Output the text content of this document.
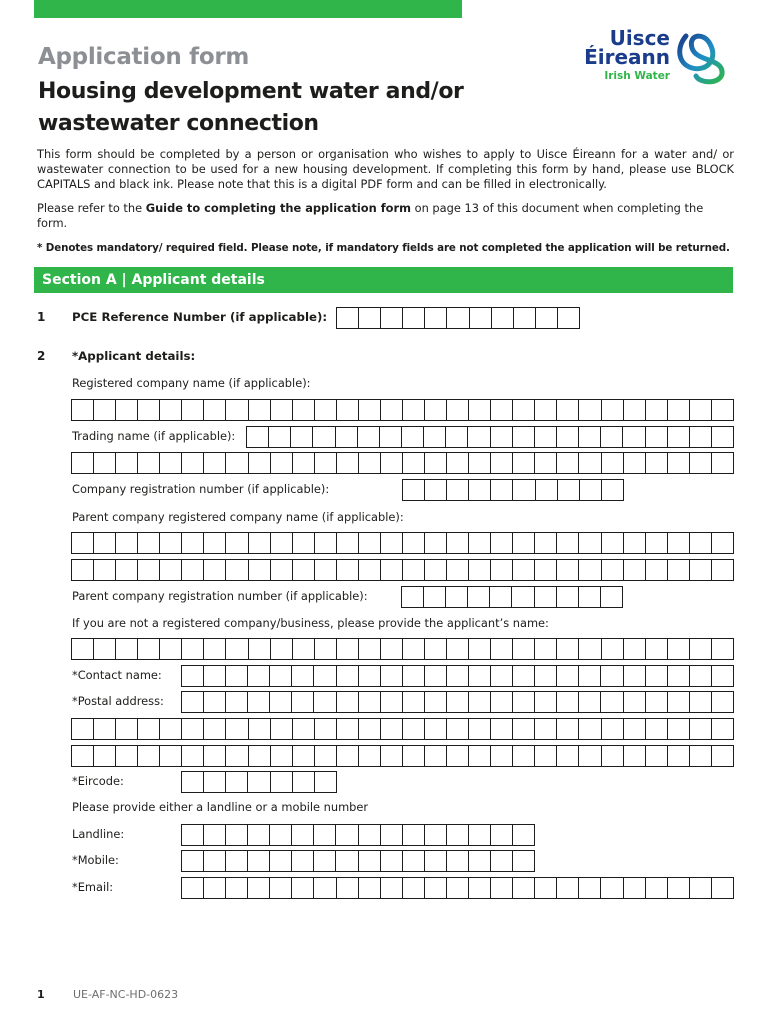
Application form
Housing development water and/or wastewater connection
Uisce
Éireann
Irish Water
This form should be completed by a person or organisation who wishes to apply to Uisce Éireann for a water and/ or wastewater connection to be used for a new housing development. If completing this form by hand, please use BLOCK CAPITALS and black ink. Please note that this is a digital PDF form and can be filled in electronically.
Please refer to the Guide to completing the application form on page 13 of this document when completing the form.
* Denotes mandatory/ required field. Please note, if mandatory fields are not completed the application will be returned.
Section A | Applicant details
1 PCE Reference Number (if applicable):
2 *Applicant details:
Registered company name (if applicable):
Trading name (if applicable):
Company registration number (if applicable):
Parent company registered company name (if applicable):
Parent company registration number (if applicable):
If you are not a registered company/business, please provide the applicant’s name:
*Contact name:
*Postal address:
*Eircode:
Please provide either a landline or a mobile number
Landline:
*Mobile:
*Email:
1	UE-AF-NC-HD-0623
